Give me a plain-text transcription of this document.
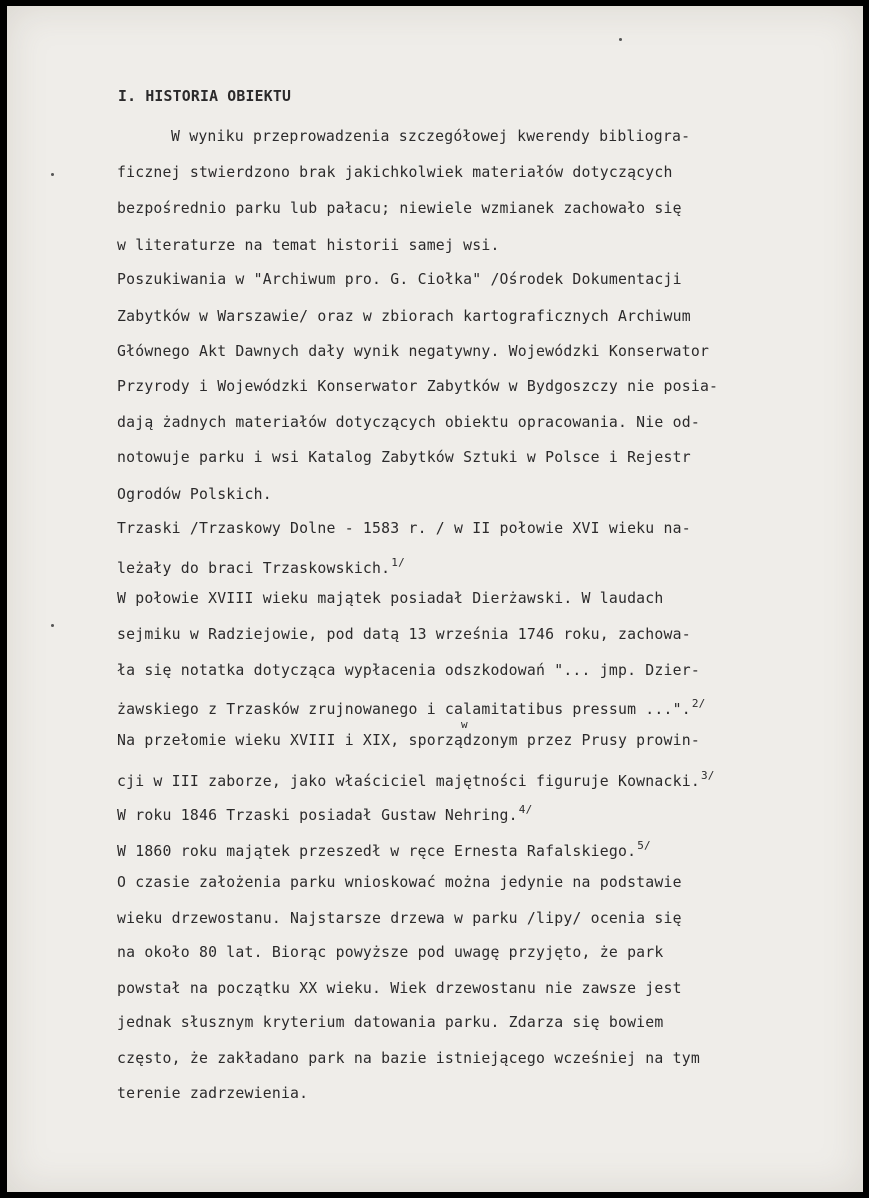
I. HISTORIA OBIEKTU
W wyniku przeprowadzenia szczegółowej kwerendy bibliogra-
ficznej stwierdzono brak jakichkolwiek materiałów dotyczących
bezpośrednio parku lub pałacu; niewiele wzmianek zachowało się
w literaturze na temat historii samej wsi.
Poszukiwania w "Archiwum pro. G. Ciołka" /Ośrodek Dokumentacji
Zabytków w Warszawie/ oraz w zbiorach kartograficznych Archiwum
Głównego Akt Dawnych dały wynik negatywny. Wojewódzki Konserwator
Przyrody i Wojewódzki Konserwator Zabytków w Bydgoszczy nie posia-
dają żadnych materiałów dotyczących obiektu opracowania. Nie od-
notowuje parku i wsi Katalog Zabytków Sztuki w Polsce i Rejestr
Ogrodów Polskich.
Trzaski /Trzaskowy Dolne - 1583 r. / w II połowie XVI wieku na-
leżały do braci Trzaskowskich.$^{1/}$
W połowie XVIII wieku majątek posiadał Dierżawski. W laudach
sejmiku w Radziejowie, pod datą 13 września 1746 roku, zachowa-
ła się notatka dotycząca wypłacenia odszkodowań "... jmp. Dzier-
żawskiego z Trzasków zrujnowanego i calamitatibus pressum ...".$^{2/}$
w
Na przełomie wieku XVIII i XIX, sporządzonym przez Prusy prowin-
cji w III zaborze, jako właściciel majętności figuruje Kownacki.$^{3/}$
W roku 1846 Trzaski posiadał Gustaw Nehring.$^{4/}$
W 1860 roku majątek przeszedł w ręce Ernesta Rafalskiego.$^{5/}$
O czasie założenia parku wnioskować można jedynie na podstawie
wieku drzewostanu. Najstarsze drzewa w parku /lipy/ ocenia się
na około 80 lat. Biorąc powyższe pod uwagę przyjęto, że park
powstał na początku XX wieku. Wiek drzewostanu nie zawsze jest
jednak słusznym kryterium datowania parku. Zdarza się bowiem
często, że zakładano park na bazie istniejącego wcześniej na tym
terenie zadrzewienia.
